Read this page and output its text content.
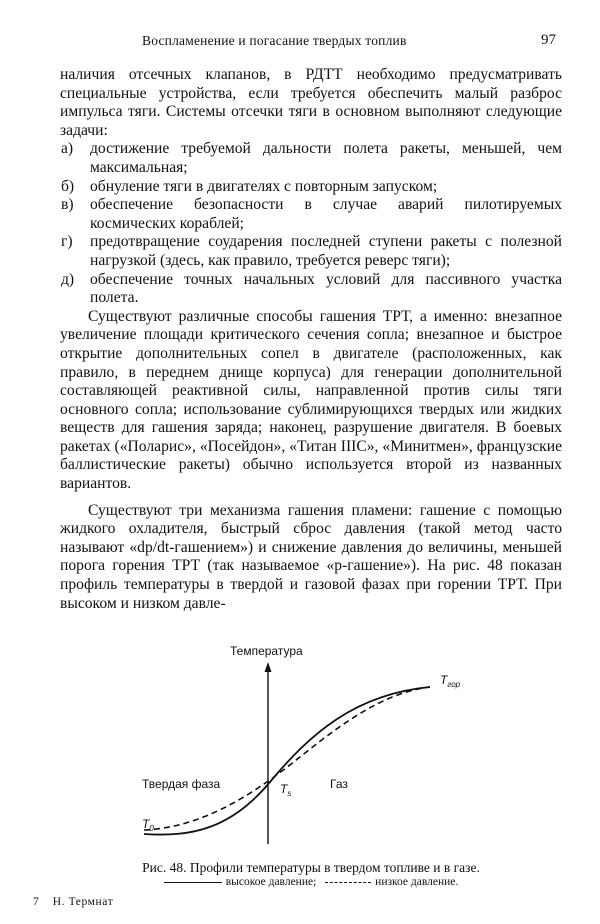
Воспламенение и погасание твердых топлив	97

наличия отсечных клапанов, в РДТТ необходимо предусматривать специальные устройства, если требуется обеспечить малый разброс импульса тяги. Системы отсечки тяги в основном выполняют следующие задачи:

а) достижение требуемой дальности полета ракеты, меньшей, чем максимальная;
б) обнуление тяги в двигателях с повторным запуском;
в) обеспечение безопасности в случае аварий пилотируемых космических кораблей;
г) предотвращение соударения последней ступени ракеты с полезной нагрузкой (здесь, как правило, требуется реверс тяги);
д) обеспечение точных начальных условий для пассивного участка полета.

Существуют различные способы гашения ТРТ, а именно: внезапное увеличение площади критического сечения сопла; внезапное и быстрое открытие дополнительных сопел в двигателе (расположенных, как правило, в переднем днище корпуса) для генерации дополнительной составляющей реактивной силы, направленной против силы тяги основного сопла; использование сублимирующихся твердых или жидких веществ для гашения заряда; наконец, разрушение двигателя. В боевых ракетах («Поларис», «Посейдон», «Титан IIIС», «Минитмен», французские баллистические ракеты) обычно используется второй из названных вариантов.

Существуют три механизма гашения пламени: гашение с помощью жидкого охладителя, быстрый сброс давления (такой метод часто называют «dp/dt-гашением») и снижение давления до величины, меньшей порога горения ТРТ (так называемое «p-гашение»). На рис. 48 показан профиль температуры в твердой и газовой фазах при горении ТРТ. При высоком и низком давле-

Температура
Твердая фаза	Газ
$T_{гор}$
$T_s$
$T_0$
Рис. 48. Профили температуры в твердом топливе и в газе.
высокое давление;	низкое давление.
7 Н. Термнат
